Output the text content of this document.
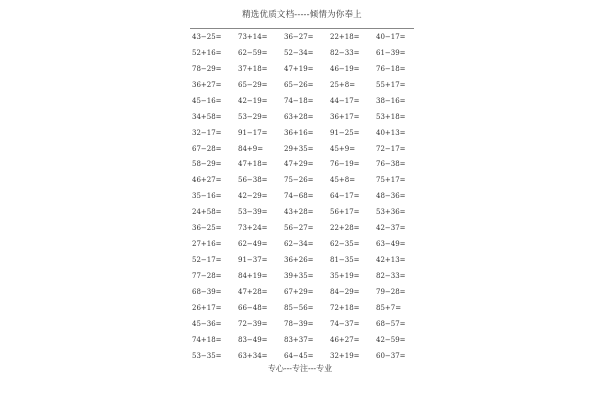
精选优质文档-----倾情为你奉上
43−25=	73+14=	36−27=	22+18=	40−17=
52+16=	62−59=	52−34=	82−33=	61−39=
78−29=	37+18=	47+19=	46−19=	76−18=
36+27=	65−29=	65−26=	25+8=	55+17=
45−16=	42−19=	74−18=	44−17=	38−16=
34+58=	53−29=	63+28=	36+17=	53+18=
32−17=	91−17=	36+16=	91−25=	40+13=
67−28=	84+9=	29+35=	45+9=	72−17=
58−29=	47+18=	47+29=	76−19=	76−38=
46+27=	56−38=	75−26=	45+8=	75+17=
35−16=	42−29=	74−68=	64−17=	48−36=
24+58=	53−39=	43+28=	56+17=	53+36=
36−25=	73+24=	56−27=	22+28=	42−37=
27+16=	62−49=	62−34=	62−35=	63−49=
52−17=	91−37=	36+26=	81−35=	42+13=
77−28=	84+19=	39+35=	35+19=	82−33=
68−39=	47+28=	67+29=	84−29=	79−28=
26+17=	66−48=	85−56=	72+18=	85+7=
45−36=	72−39=	78−39=	74−37=	68−57=
74+18=	83−49=	83+37=	46+27=	42−59=
53−35=	63+34=	64−45=	32+19=	60−37=
专心---专注---专业
